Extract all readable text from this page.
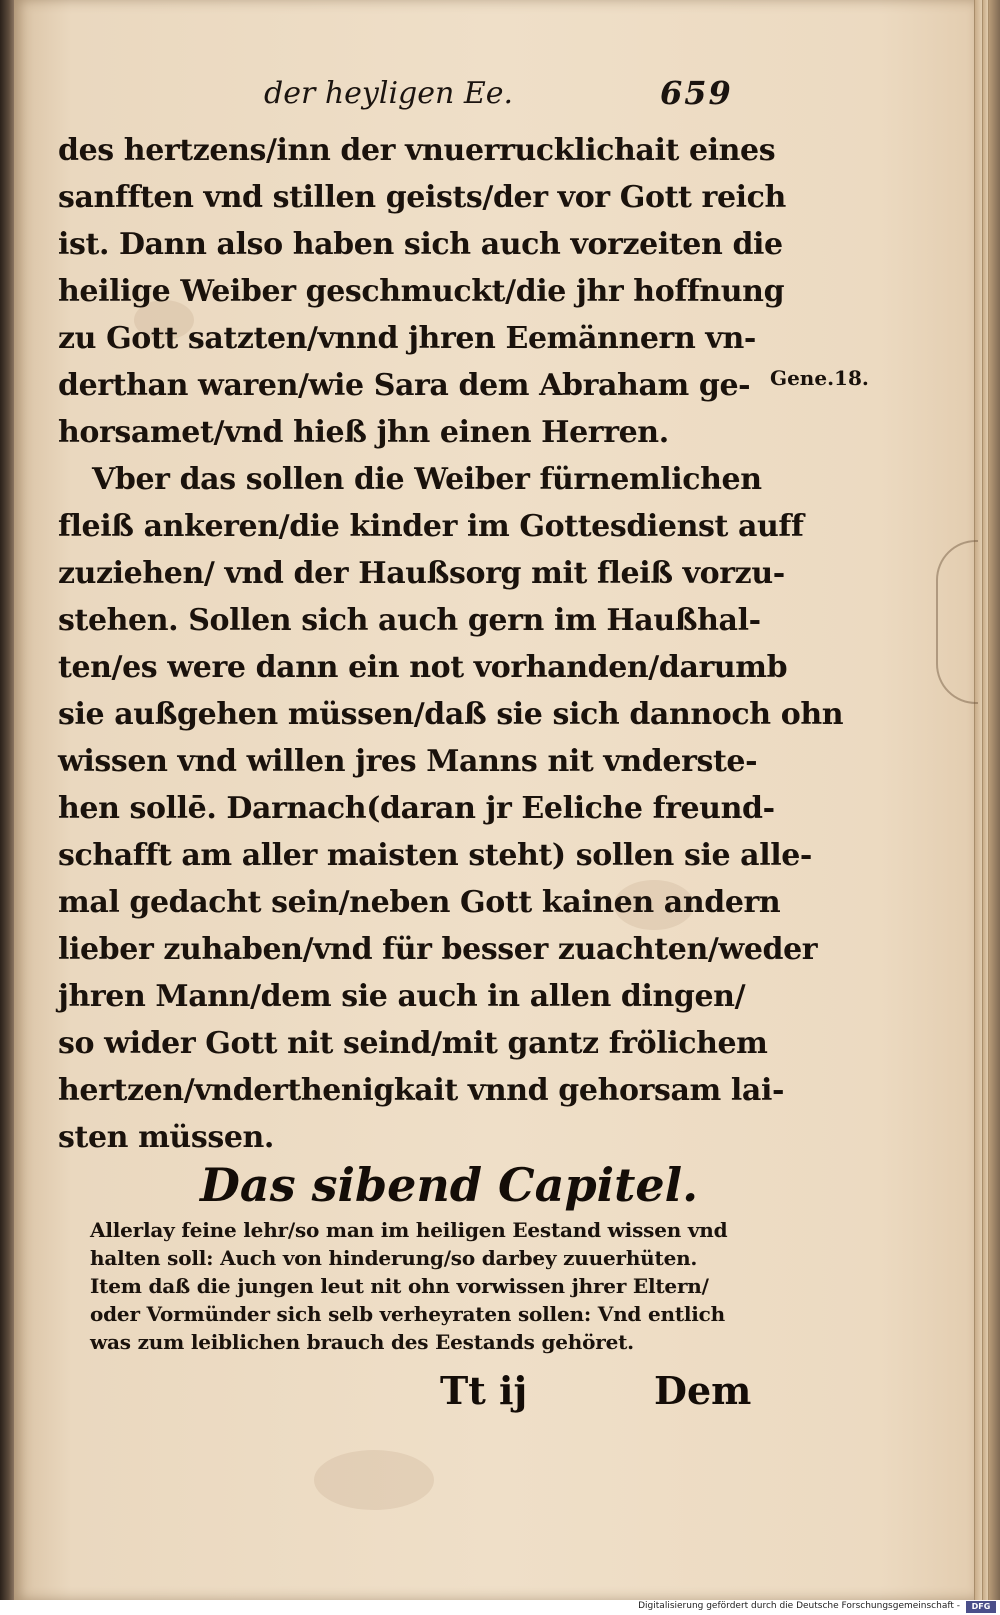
der heyligen Ee.	659
des hertzens/inn der vnuerrucklichait eines
sanfften vnd stillen geists/der vor Gott reich
ist. Dann also haben sich auch vorzeiten die
heilige Weiber geschmuckt/die jhr hoffnung
zu Gott satzten/vnnd jhren Eemännern vn-
derthan waren/wie Sara dem Abraham ge-
horsamet/vnd hieß jhn einen Herren.
Vber das sollen die Weiber fürnemlichen
fleiß ankeren/die kinder im Gottesdienst auff
zuziehen/ vnd der Haußsorg mit fleiß vorzu-
stehen. Sollen sich auch gern im Haußhal-
ten/es were dann ein not vorhanden/darumb
sie außgehen müssen/daß sie sich dannoch ohn
wissen vnd willen jres Manns nit vnderste-
hen sollē. Darnach(daran jr Eeliche freund-
schafft am aller maisten steht) sollen sie alle-
mal gedacht sein/neben Gott kainen andern
lieber zuhaben/vnd für besser zuachten/weder
jhren Mann/dem sie auch in allen dingen/
so wider Gott nit seind/mit gantz frölichem
hertzen/vnderthenigkait vnnd gehorsam lai-
sten müssen.
Gene.18.
Das sibend Capitel.
Allerlay feine lehr/so man im heiligen Eestand wissen vnd
halten soll: Auch von hinderung/so darbey zuuerhüten.
Item daß die jungen leut nit ohn vorwissen jhrer Eltern/
oder Vormünder sich selb verheyraten sollen: Vnd entlich
was zum leiblichen brauch des Eestands gehöret.
Tt ij	Dem
Digitalisierung gefördert durch die Deutsche Forschungsgemeinschaft -	DFG
